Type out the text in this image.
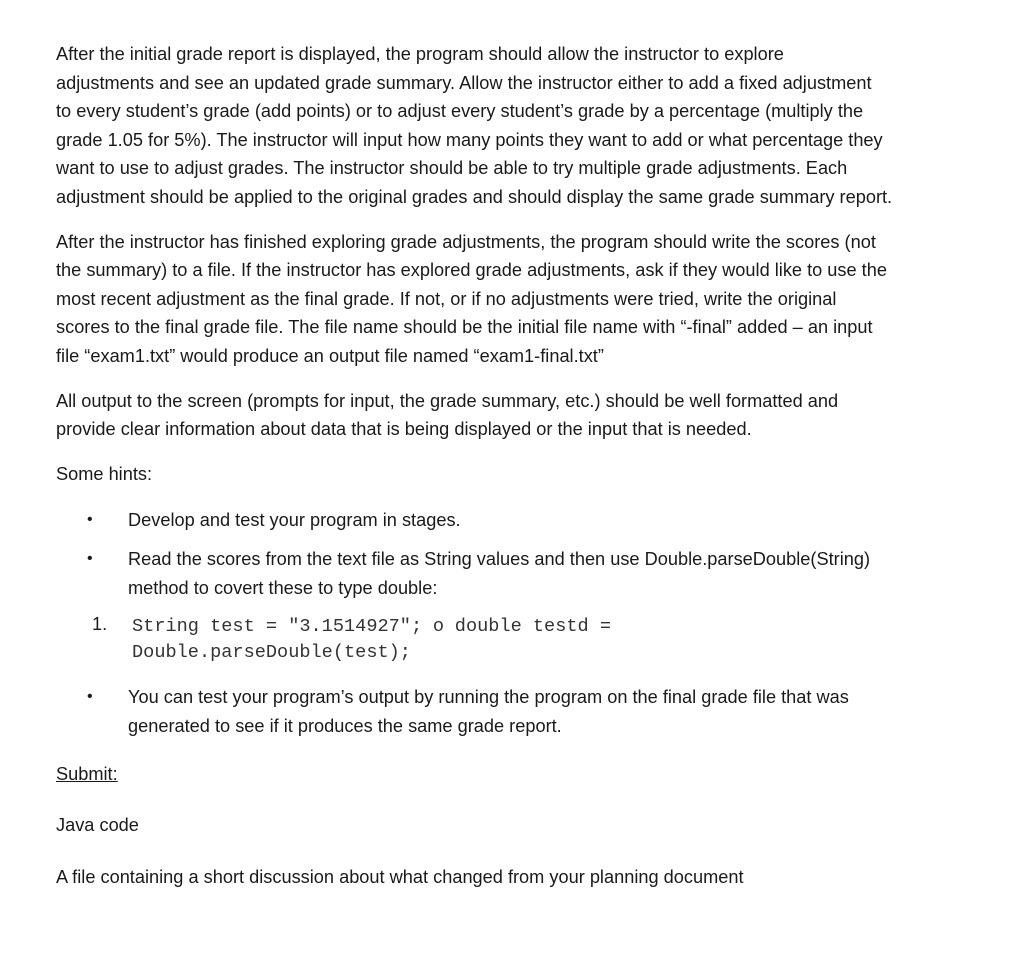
After the initial grade report is displayed, the program should allow the instructor to explore
adjustments and see an updated grade summary. Allow the instructor either to add a fixed adjustment
to every student’s grade (add points) or to adjust every student’s grade by a percentage (multiply the
grade 1.05 for 5%). The instructor will input how many points they want to add or what percentage they
want to use to adjust grades. The instructor should be able to try multiple grade adjustments. Each
adjustment should be applied to the original grades and should display the same grade summary report.
After the instructor has finished exploring grade adjustments, the program should write the scores (not
the summary) to a file. If the instructor has explored grade adjustments, ask if they would like to use the
most recent adjustment as the final grade. If not, or if no adjustments were tried, write the original
scores to the final grade file. The file name should be the initial file name with “-final” added – an input
file “exam1.txt” would produce an output file named “exam1-final.txt”
All output to the screen (prompts for input, the grade summary, etc.) should be well formatted and
provide clear information about data that is being displayed or the input that is needed.
Some hints:
• Develop and test your program in stages.
• Read the scores from the text file as String values and then use Double.parseDouble(String)
method to covert these to type double:
1. String test = "3.1514927"; o double testd =
Double.parseDouble(test);
• You can test your program’s output by running the program on the final grade file that was
generated to see if it produces the same grade report.
Submit:
Java code
A file containing a short discussion about what changed from your planning document
